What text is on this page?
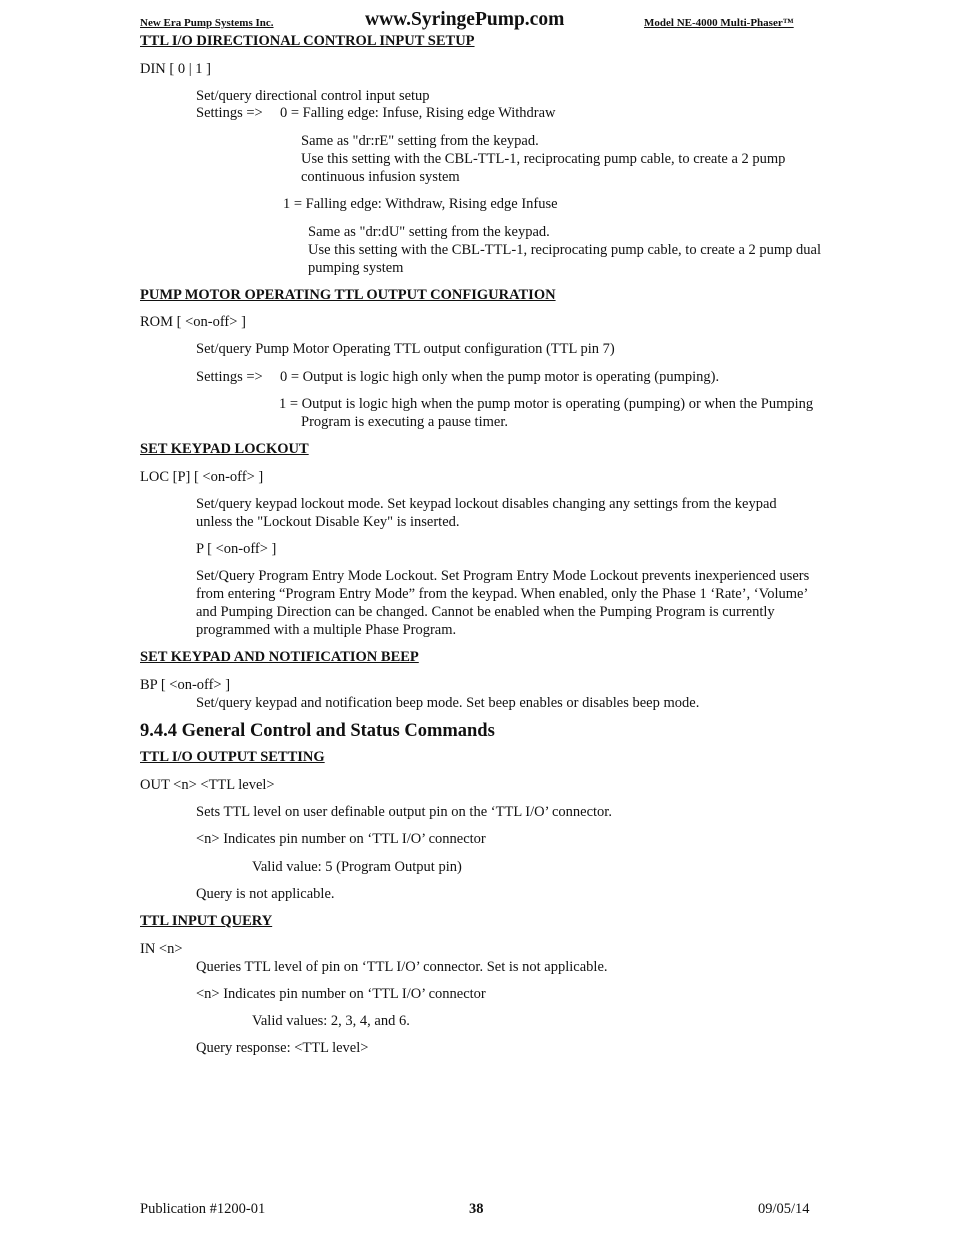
New Era Pump Systems Inc.	www.SyringePump.com	Model NE-4000 Multi-Phaser™
TTL I/O DIRECTIONAL CONTROL INPUT SETUP
DIN [ 0 | 1 ]
Set/query directional control input setup
Settings => 0 = Falling edge: Infuse, Rising edge Withdraw
Same as "dr:rE" setting from the keypad.
Use this setting with the CBL-TTL-1, reciprocating pump cable, to create a 2 pump
continuous infusion system
1 = Falling edge: Withdraw, Rising edge Infuse
Same as "dr:dU" setting from the keypad.
Use this setting with the CBL-TTL-1, reciprocating pump cable, to create a 2 pump dual
pumping system
PUMP MOTOR OPERATING TTL OUTPUT CONFIGURATION
ROM [ <on-off> ]
Set/query Pump Motor Operating TTL output configuration (TTL pin 7)
Settings => 0 = Output is logic high only when the pump motor is operating (pumping).
1 = Output is logic high when the pump motor is operating (pumping) or when the Pumping
Program is executing a pause timer.
SET KEYPAD LOCKOUT
LOC [P] [ <on-off> ]
Set/query keypad lockout mode. Set keypad lockout disables changing any settings from the keypad
unless the "Lockout Disable Key" is inserted.
P [ <on-off> ]
Set/Query Program Entry Mode Lockout. Set Program Entry Mode Lockout prevents inexperienced users
from entering “Program Entry Mode” from the keypad. When enabled, only the Phase 1 ‘Rate’, ‘Volume’
and Pumping Direction can be changed. Cannot be enabled when the Pumping Program is currently
programmed with a multiple Phase Program.
SET KEYPAD AND NOTIFICATION BEEP
BP [ <on-off> ]
Set/query keypad and notification beep mode. Set beep enables or disables beep mode.
9.4.4 General Control and Status Commands
TTL I/O OUTPUT SETTING
OUT <n> <TTL level>
Sets TTL level on user definable output pin on the ‘TTL I/O’ connector.
<n> Indicates pin number on ‘TTL I/O’ connector
Valid value: 5 (Program Output pin)
Query is not applicable.
TTL INPUT QUERY
IN <n>
Queries TTL level of pin on ‘TTL I/O’ connector. Set is not applicable.
<n> Indicates pin number on ‘TTL I/O’ connector
Valid values: 2, 3, 4, and 6.
Query response: <TTL level>
Publication #1200-01	38	09/05/14
